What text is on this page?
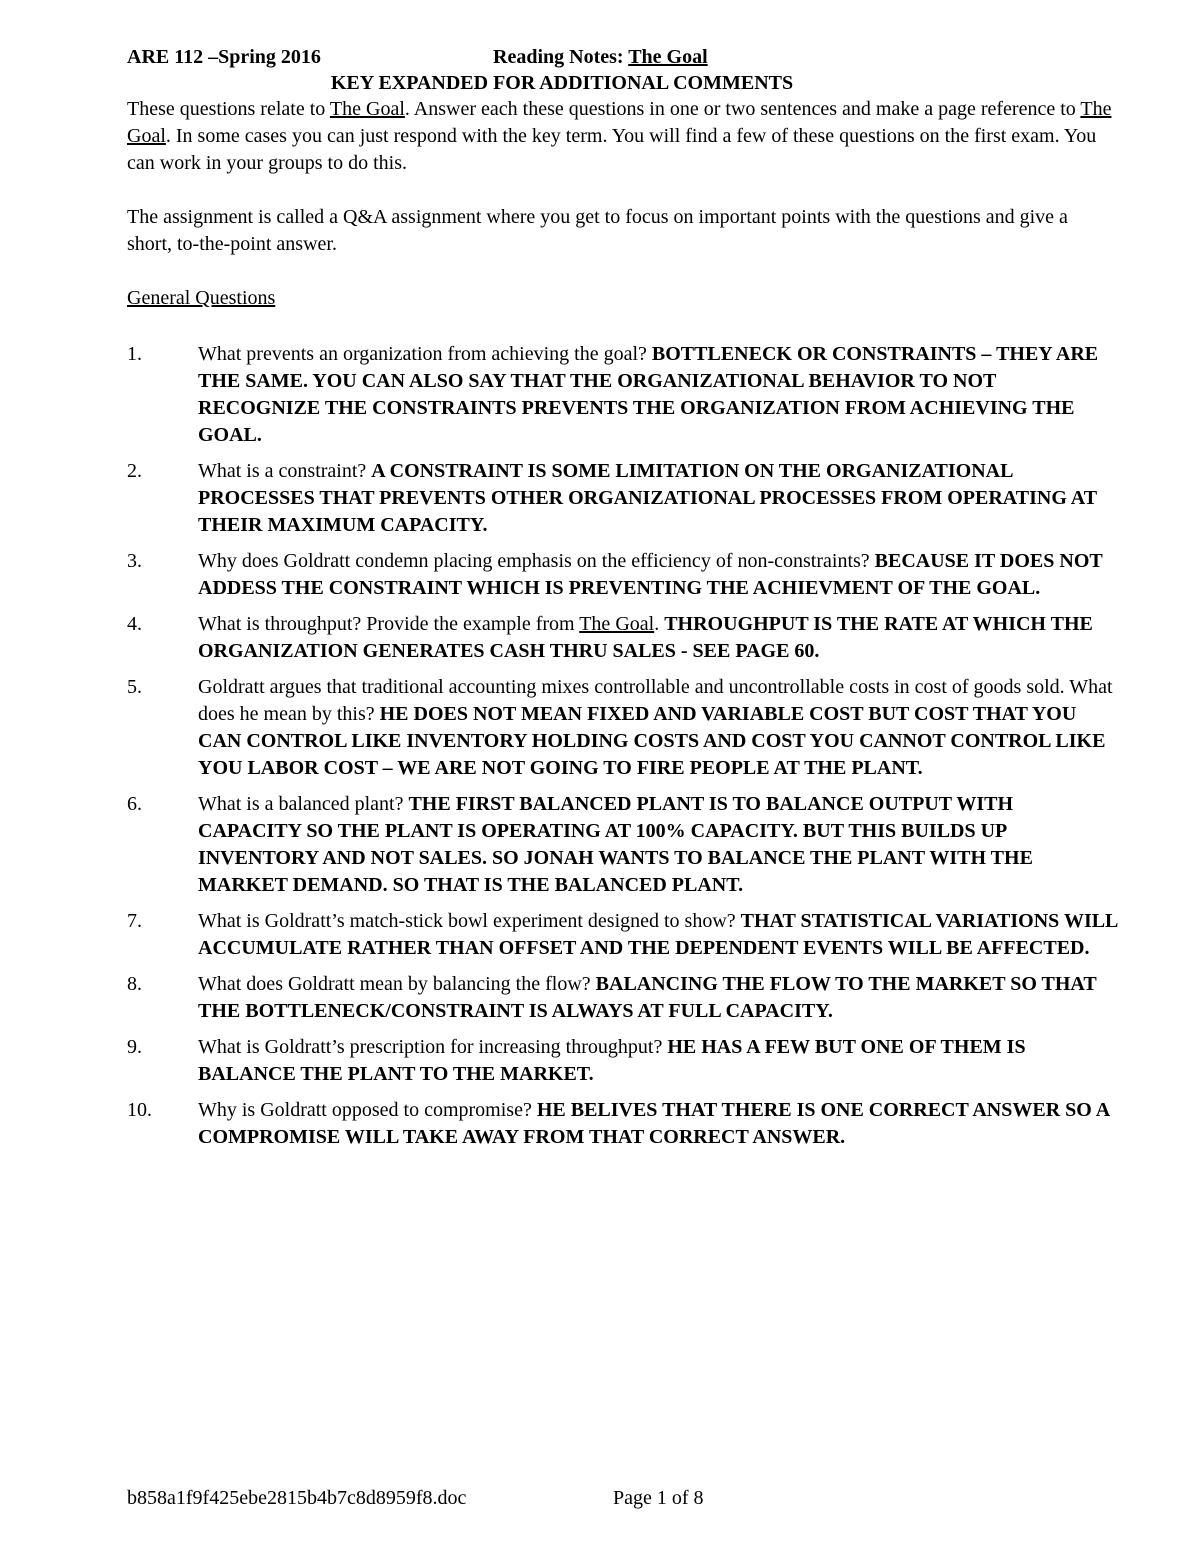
ARE 112 –Spring 2016	Reading Notes: The Goal
KEY EXPANDED FOR ADDITIONAL COMMENTS

These questions relate to The Goal. Answer each these questions in one or two sentences and make a page reference to The Goal. In some cases you can just respond with the key term. You will find a few of these questions on the first exam. You can work in your groups to do this.

The assignment is called a Q&A assignment where you get to focus on important points with the questions and give a short, to-the-point answer.

General Questions
1.	What prevents an organization from achieving the goal? BOTTLENECK OR CONSTRAINTS – THEY ARE THE SAME. YOU CAN ALSO SAY THAT THE ORGANIZATIONAL BEHAVIOR TO NOT RECOGNIZE THE CONSTRAINTS PREVENTS THE ORGANIZATION FROM ACHIEVING THE GOAL.
2.	What is a constraint? A CONSTRAINT IS SOME LIMITATION ON THE ORGANIZATIONAL PROCESSES THAT PREVENTS OTHER ORGANIZATIONAL PROCESSES FROM OPERATING AT THEIR MAXIMUM CAPACITY.
3.	Why does Goldratt condemn placing emphasis on the efficiency of non-constraints? BECAUSE IT DOES NOT ADDESS THE CONSTRAINT WHICH IS PREVENTING THE ACHIEVMENT OF THE GOAL.
4.	What is throughput? Provide the example from The Goal. THROUGHPUT IS THE RATE AT WHICH THE ORGANIZATION GENERATES CASH THRU SALES - SEE PAGE 60.
5.	Goldratt argues that traditional accounting mixes controllable and uncontrollable costs in cost of goods sold. What does he mean by this? HE DOES NOT MEAN FIXED AND VARIABLE COST BUT COST THAT YOU CAN CONTROL LIKE INVENTORY HOLDING COSTS AND COST YOU CANNOT CONTROL LIKE YOU LABOR COST – WE ARE NOT GOING TO FIRE PEOPLE AT THE PLANT.
6.	What is a balanced plant? THE FIRST BALANCED PLANT IS TO BALANCE OUTPUT WITH CAPACITY SO THE PLANT IS OPERATING AT 100% CAPACITY. BUT THIS BUILDS UP INVENTORY AND NOT SALES. SO JONAH WANTS TO BALANCE THE PLANT WITH THE MARKET DEMAND. SO THAT IS THE BALANCED PLANT.
7.	What is Goldratt’s match-stick bowl experiment designed to show? THAT STATISTICAL VARIATIONS WILL ACCUMULATE RATHER THAN OFFSET AND THE DEPENDENT EVENTS WILL BE AFFECTED.
8.	What does Goldratt mean by balancing the flow? BALANCING THE FLOW TO THE MARKET SO THAT THE BOTTLENECK/CONSTRAINT IS ALWAYS AT FULL CAPACITY.
9.	What is Goldratt’s prescription for increasing throughput? HE HAS A FEW BUT ONE OF THEM IS BALANCE THE PLANT TO THE MARKET.
10. Why is Goldratt opposed to compromise? HE BELIVES THAT THERE IS ONE CORRECT ANSWER SO A COMPROMISE WILL TAKE AWAY FROM THAT CORRECT ANSWER.
b858a1f9f425ebe2815b4b7c8d8959f8.doc	Page 1 of 8
